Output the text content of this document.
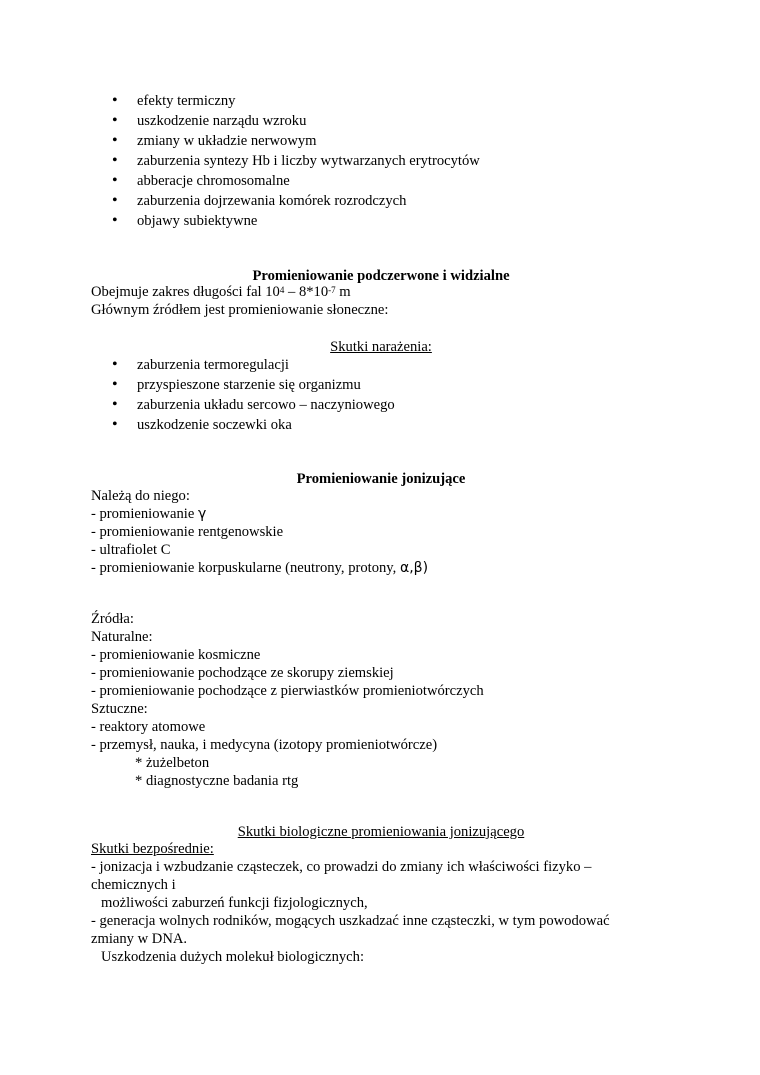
• efekty termiczny
• uszkodzenie narządu wzroku
• zmiany w układzie nerwowym
• zaburzenia syntezy Hb i liczby wytwarzanych erytrocytów
• abberacje chromosomalne
• zaburzenia dojrzewania komórek rozrodczych
• objawy subiektywne
Promieniowanie podczerwone i widzialne
Obejmuje zakres długości fal $10^4 - 8*10^{-7}$ m
Głównym źródłem jest promieniowanie słoneczne:
Skutki narażenia:
• zaburzenia termoregulacji
• przyspieszone starzenie się organizmu
• zaburzenia układu sercowo – naczyniowego
• uszkodzenie soczewki oka
Promieniowanie jonizujące
Należą do niego:
- promieniowanie γ
- promieniowanie rentgenowskie
- ultrafiolet C
- promieniowanie korpuskularne (neutrony, protony, α,β)
Źródła:
Naturalne:
- promieniowanie kosmiczne
- promieniowanie pochodzące ze skorupy ziemskiej
- promieniowanie pochodzące z pierwiastków promieniotwórczych
Sztuczne:
- reaktory atomowe
- przemysł, nauka, i medycyna (izotopy promieniotwórcze)
* żużelbeton
* diagnostyczne badania rtg
Skutki biologiczne promieniowania jonizującego
Skutki bezpośrednie:
- jonizacja i wzbudzanie cząsteczek, co prowadzi do zmiany ich właściwości fizyko –
chemicznych i
możliwości zaburzeń funkcji fizjologicznych,
- generacja wolnych rodników, mogących uszkadzać inne cząsteczki, w tym powodować
zmiany w DNA.
Uszkodzenia dużych molekuł biologicznych:
